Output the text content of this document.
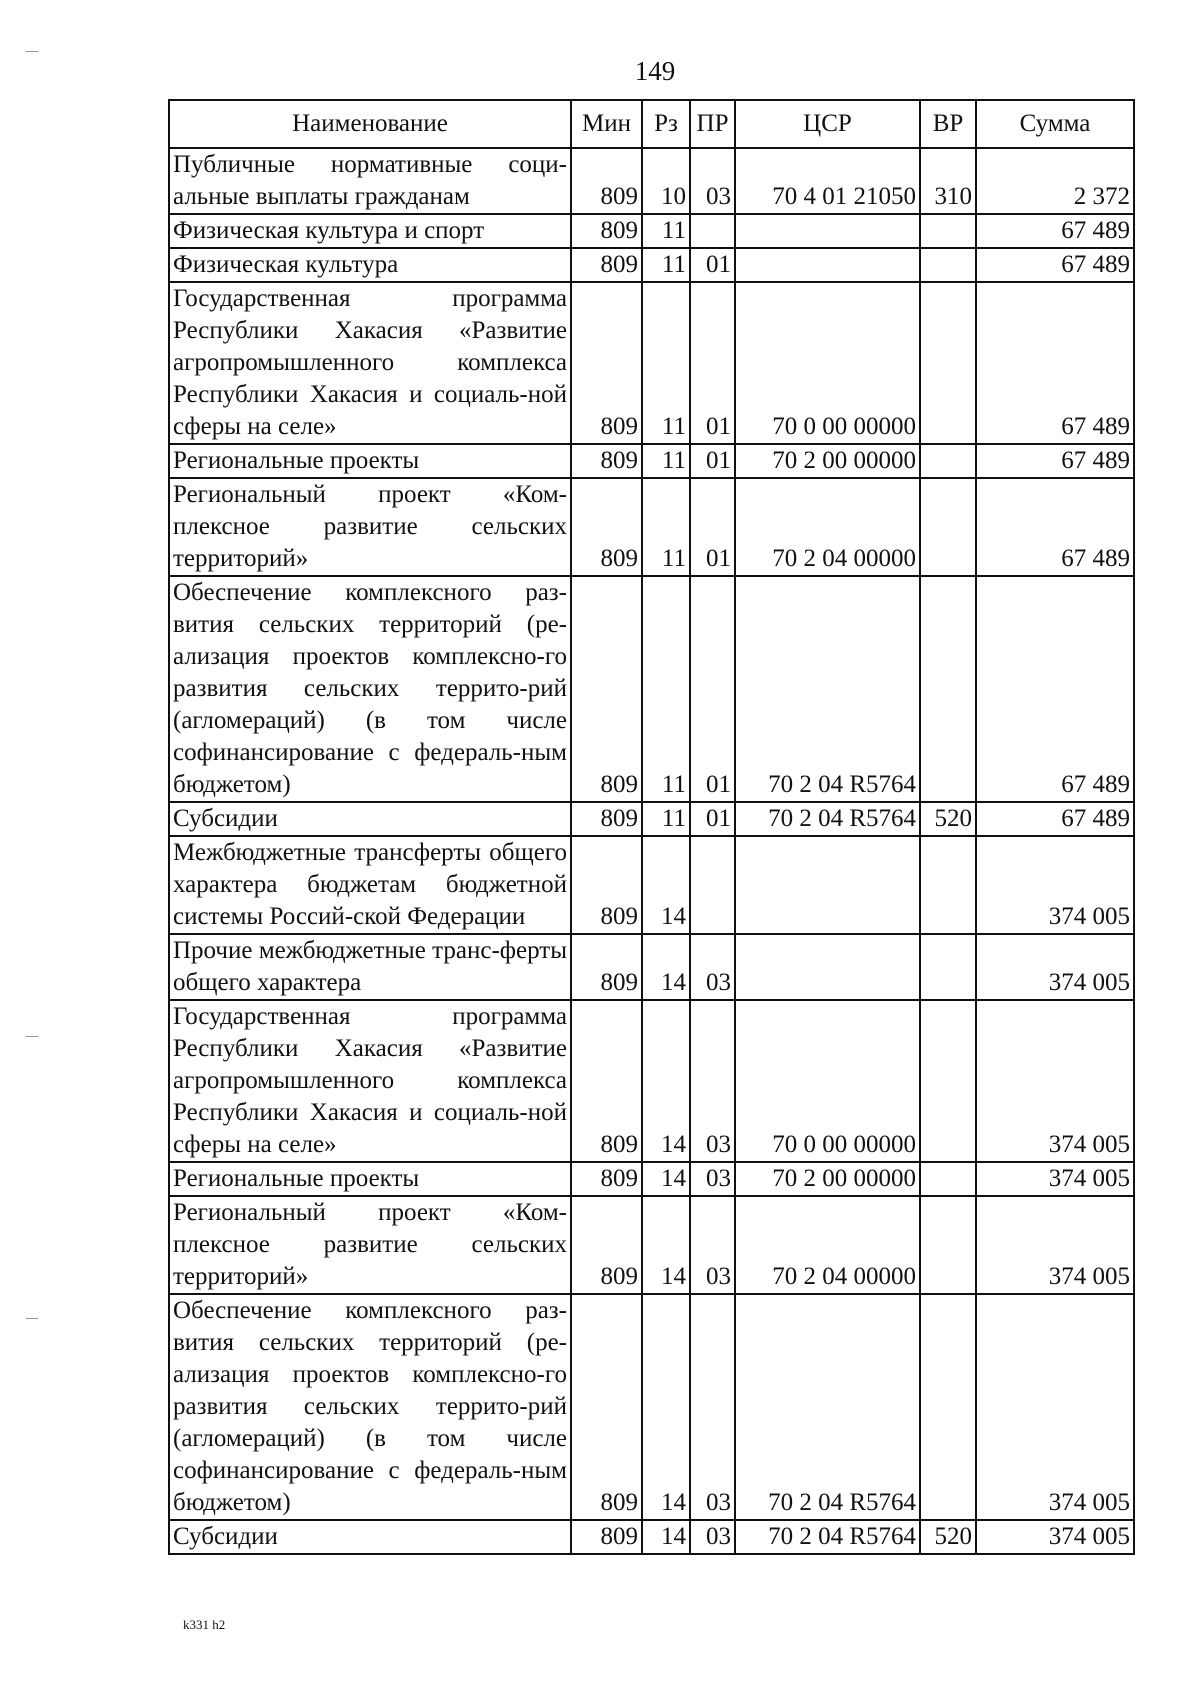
149
Наименование	Мин	Рз	ПР	ЦСР	ВР	Сумма
Публичные нормативные соци-альные выплаты гражданам	809	10	03	70 4 01 21050	310	2 372
Физическая культура и спорт	809	11				67 489
Физическая культура	809	11	01			67 489
Государственная программа Республики Хакасия «Развитие агропромышленного комплекса Республики Хакасия и социаль-ной сферы на селе»	809	11	01	70 0 00 00000		67 489
Региональные проекты	809	11	01	70 2 00 00000		67 489
Региональный проект «Ком-плексное развитие сельских территорий»	809	11	01	70 2 04 00000		67 489
Обеспечение комплексного раз-вития сельских территорий (ре-ализация проектов комплексно-го развития сельских террито-рий (агломераций) (в том числе софинансирование с федераль-ным бюджетом)	809	11	01	70 2 04 R5764		67 489
Субсидии	809	11	01	70 2 04 R5764	520	67 489
Межбюджетные трансферты общего характера бюджетам бюджетной системы Россий-ской Федерации	809	14				374 005
Прочие межбюджетные транс-ферты общего характера	809	14	03			374 005
Государственная программа Республики Хакасия «Развитие агропромышленного комплекса Республики Хакасия и социаль-ной сферы на селе»	809	14	03	70 0 00 00000		374 005
Региональные проекты	809	14	03	70 2 00 00000		374 005
Региональный проект «Ком-плексное развитие сельских территорий»	809	14	03	70 2 04 00000		374 005
Обеспечение комплексного раз-вития сельских территорий (ре-ализация проектов комплексно-го развития сельских террито-рий (агломераций) (в том числе софинансирование с федераль-ным бюджетом)	809	14	03	70 2 04 R5764		374 005
Субсидии	809	14	03	70 2 04 R5764	520	374 005
k331 h2
